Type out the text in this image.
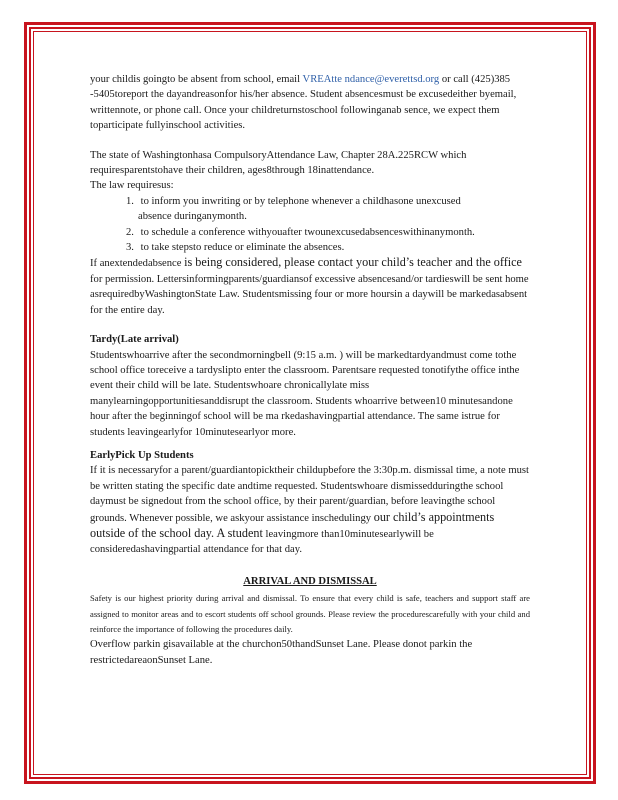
your childis goingto be absent from school, email VREAtte ndance@everettsd.org or call (425)385 -5405toreport the dayandreasonfor his/her absence. Student absencesmust be excusedeither byemail, writtennote, or phone call. Once your childreturnstoschool followinganab sence, we expect them toparticipate fullyinschool activities.

The state of Washingtonhasa CompulsoryAttendance Law, Chapter 28A.225RCW which requiresparentstohave their children, ages8through 18inattendance.

The law requiresus:

1. to inform you inwriting or by telephone whenever a childhasone unexcused
absence duringanymonth.
2. to schedule a conference withyouafter twounexcusedabsenceswithinanymonth.
3. to take stepsto reduce or eliminate the absences.

If anextendedabsence is being considered, please contact your child’s teacher and the office for permission. Lettersinformingparents/guardiansof excessive absencesand/or tardieswill be sent home asrequiredbyWashingtonState Law. Studentsmissing four or more hoursin a daywill be markedasabsent for the entire day.

Tardy(Late arrival)

Studentswhoarrive after the secondmorningbell (9:15 a.m. ) will be markedtardyandmust come tothe school office toreceive a tardyslipto enter the classroom. Parentsare requested tonotifythe office inthe event their child will be late. Studentswhoare chronicallylate miss manylearningopportunitiesanddisrupt the classroom. Students whoarrive between10 minutesandone hour after the beginningof school will be ma rkedashavingpartial attendance. The same istrue for students leavingearlyfor 10minutesearlyor more.

EarlyPick Up Students

If it is necessaryfor a parent/guardiantopicktheir childupbefore the 3:30p.m. dismissal time, a note must be written stating the specific date andtime requested. Studentswhoare dismissedduringthe school daymust be signedout from the school office, by their parent/guardian, before leavingthe school grounds. Whenever possible, we askyour assistance inschedulingy our child’s appointments outside of the school day. A student leavingmore than10minutesearlywill be consideredashavingpartial attendance for that day.

ARRIVAL AND DISMISSAL

Safety is our highest priority during arrival and dismissal. To ensure that every child is safe, teachers and support staff are assigned to monitor areas and to escort students off school grounds. Please review the procedurescarefully with your child and reinforce the importance of following the procedures daily.

Overflow parkin gisavailable at the churchon50thandSunset Lane. Please donot parkin the restrictedareaonSunset Lane.
